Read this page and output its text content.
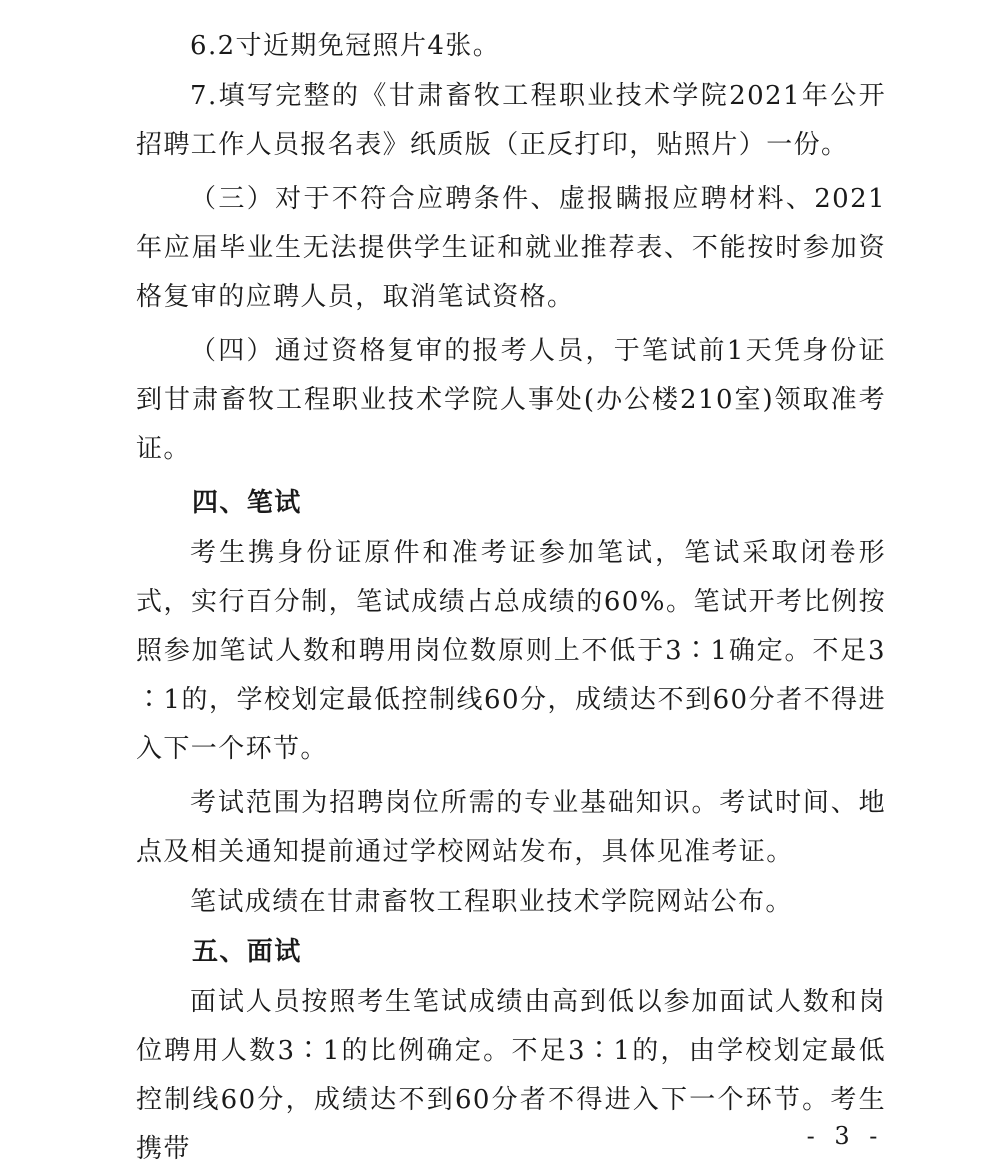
6.2寸近期免冠照片4张。

7.填写完整的《甘肃畜牧工程职业技术学院2021年公开招聘工作人员报名表》纸质版（正反打印，贴照片）一份。

（三）对于不符合应聘条件、虚报瞒报应聘材料、2021年应届毕业生无法提供学生证和就业推荐表、不能按时参加资格复审的应聘人员，取消笔试资格。

（四）通过资格复审的报考人员，于笔试前1天凭身份证到甘肃畜牧工程职业技术学院人事处(办公楼210室)领取准考证。

四、笔试

考生携身份证原件和准考证参加笔试，笔试采取闭卷形式，实行百分制，笔试成绩占总成绩的60%。笔试开考比例按照参加笔试人数和聘用岗位数原则上不低于3∶1确定。不足3∶1的，学校划定最低控制线60分，成绩达不到60分者不得进入下一个环节。

考试范围为招聘岗位所需的专业基础知识。考试时间、地点及相关通知提前通过学校网站发布，具体见准考证。

笔试成绩在甘肃畜牧工程职业技术学院网站公布。

五、面试

面试人员按照考生笔试成绩由高到低以参加面试人数和岗位聘用人数3∶1的比例确定。不足3∶1的，由学校划定最低控制线60分，成绩达不到60分者不得进入下一个环节。考生携带	- 3 -
